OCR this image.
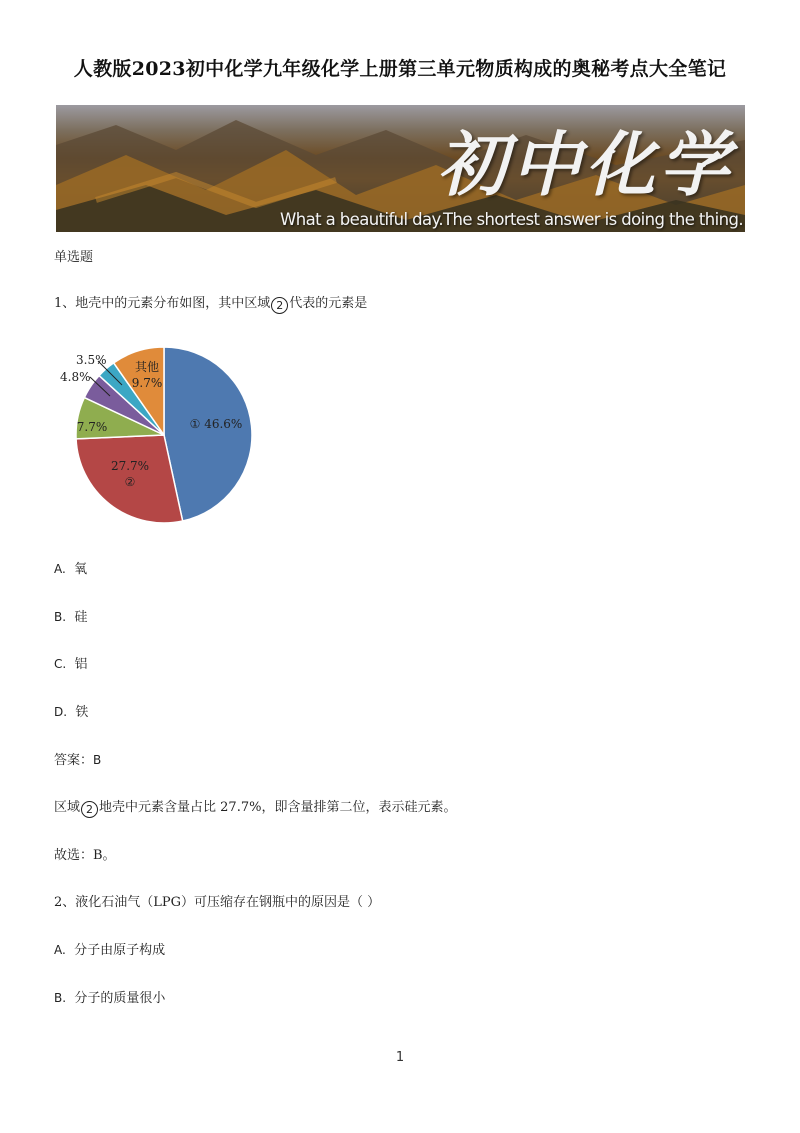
人教版2023初中化学九年级化学上册第三单元物质构成的奥秘考点大全笔记
初中化学
What a beautiful day.The shortest answer is doing the thing.
单选题
1、地壳中的元素分布如图，其中区域 2 代表的元素是
① 46.6%
27.7% ②
7.7%
4.8%
3.5% 其他 9.7%
A. 氧
B. 硅
C. 铝
D. 铁
答案：B
区域 2 地壳中元素含量占比 27.7%，即含量排第二位，表示硅元素。
故选：B。
2、液化石油气（LPG）可压缩存在钢瓶中的原因是（ ）
A. 分子由原子构成
B. 分子的质量很小
1
